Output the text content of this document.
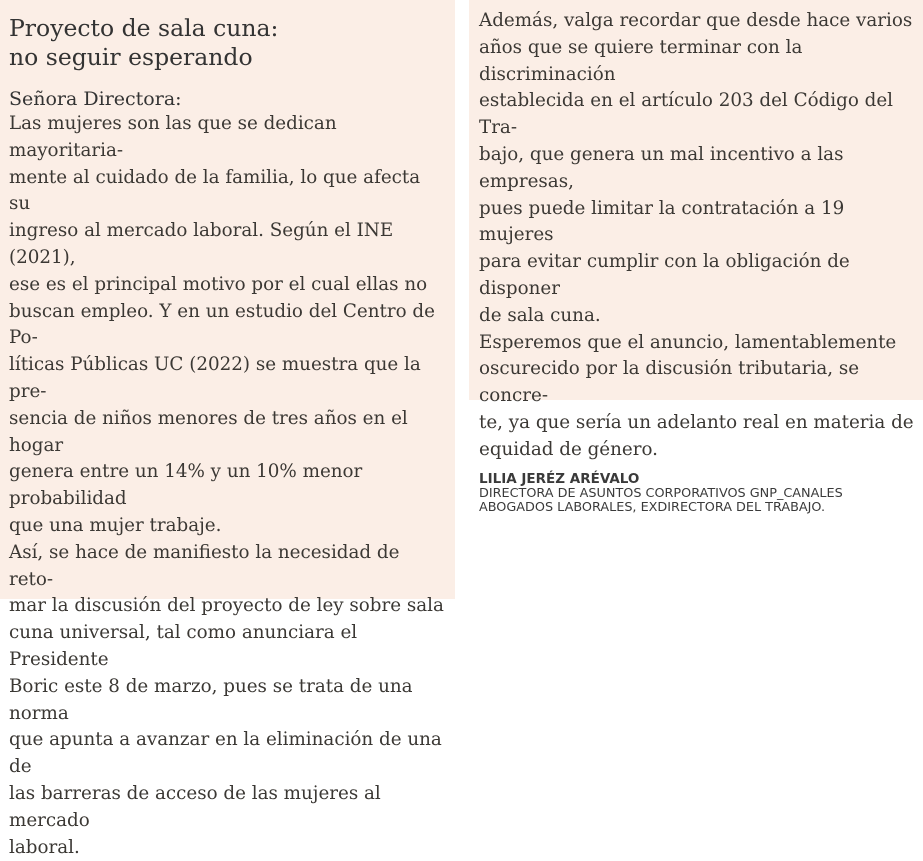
Proyecto de sala cuna:
no seguir esperando

Señora Directora:

Las mujeres son las que se dedican mayoritaria-
mente al cuidado de la familia, lo que afecta su
ingreso al mercado laboral. Según el INE (2021),
ese es el principal motivo por el cual ellas no
buscan empleo. Y en un estudio del Centro de Po-
líticas Públicas UC (2022) se muestra que la pre-
sencia de niños menores de tres años en el hogar
genera entre un 14% y un 10% menor probabilidad
que una mujer trabaje.

Así, se hace de manifiesto la necesidad de reto-
mar la discusión del proyecto de ley sobre sala
cuna universal, tal como anunciara el Presidente
Boric este 8 de marzo, pues se trata de una norma
que apunta a avanzar en la eliminación de una de
las barreras de acceso de las mujeres al mercado
laboral.

Además, valga recordar que desde hace varios
años que se quiere terminar con la discriminación
establecida en el artículo 203 del Código del Tra-
bajo, que genera un mal incentivo a las empresas,
pues puede limitar la contratación a 19 mujeres
para evitar cumplir con la obligación de disponer
de sala cuna.

Esperemos que el anuncio, lamentablemente
oscurecido por la discusión tributaria, se concre-
te, ya que sería un adelanto real en materia de
equidad de género.

LILIA JERÉZ ARÉVALO
DIRECTORA DE ASUNTOS CORPORATIVOS GNP_CANALES
ABOGADOS LABORALES, EXDIRECTORA DEL TRABAJO.
